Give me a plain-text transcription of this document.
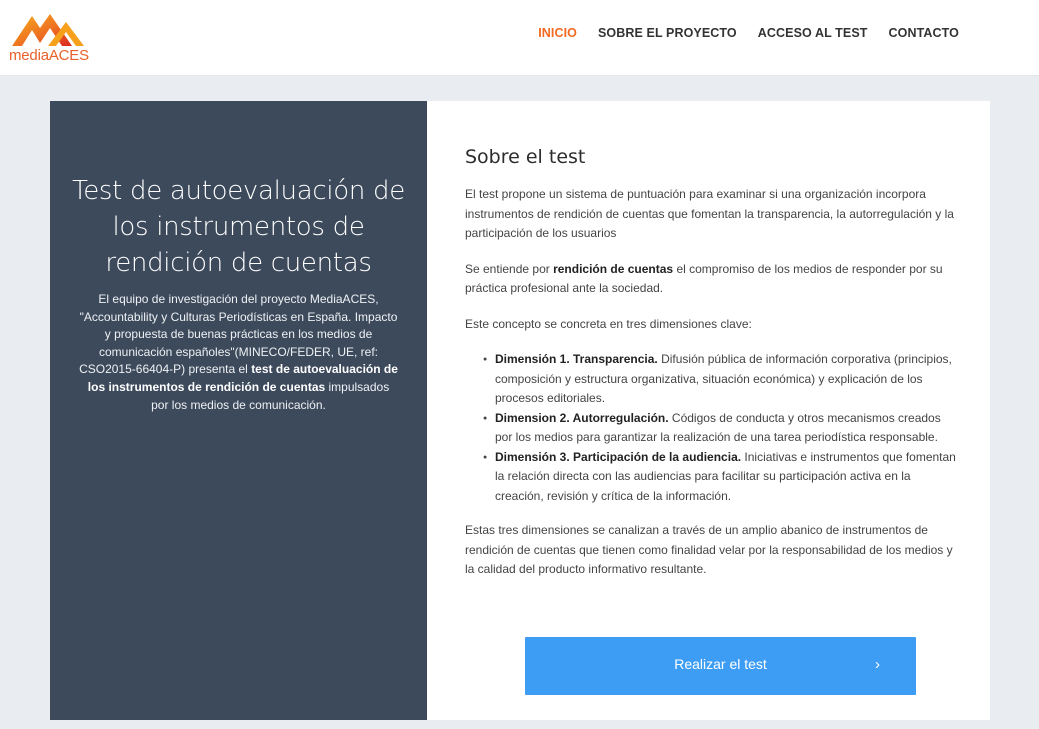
mediaACES
INICIO SOBRE EL PROYECTO ACCESO AL TEST CONTACTO
Test de autoevaluación de los instrumentos de rendición de cuentas

El equipo de investigación del proyecto MediaACES, "Accountability y Culturas Periodísticas en España. Impacto y propuesta de buenas prácticas en los medios de comunicación españoles"(MINECO/FEDER, UE, ref: CSO2015-66404-P) presenta el test de autoevaluación de los instrumentos de rendición de cuentas impulsados por los medios de comunicación.

Sobre el test

El test propone un sistema de puntuación para examinar si una organización incorpora instrumentos de rendición de cuentas que fomentan la transparencia, la autorregulación y la participación de los usuarios

Se entiende por rendición de cuentas el compromiso de los medios de responder por su práctica profesional ante la sociedad.

Este concepto se concreta en tres dimensiones clave:

● Dimensión 1. Transparencia. Difusión pública de información corporativa (principios, composición y estructura organizativa, situación económica) y explicación de los procesos editoriales.
● Dimension 2. Autorregulación. Códigos de conducta y otros mecanismos creados por los medios para garantizar la realización de una tarea periodística responsable.
● Dimensión 3. Participación de la audiencia. Iniciativas e instrumentos que fomentan la relación directa con las audiencias para facilitar su participación activa en la creación, revisión y crítica de la información.

Estas tres dimensiones se canalizan a través de un amplio abanico de instrumentos de rendición de cuentas que tienen como finalidad velar por la responsabilidad de los medios y la calidad del producto informativo resultante.

Realizar el test	›
